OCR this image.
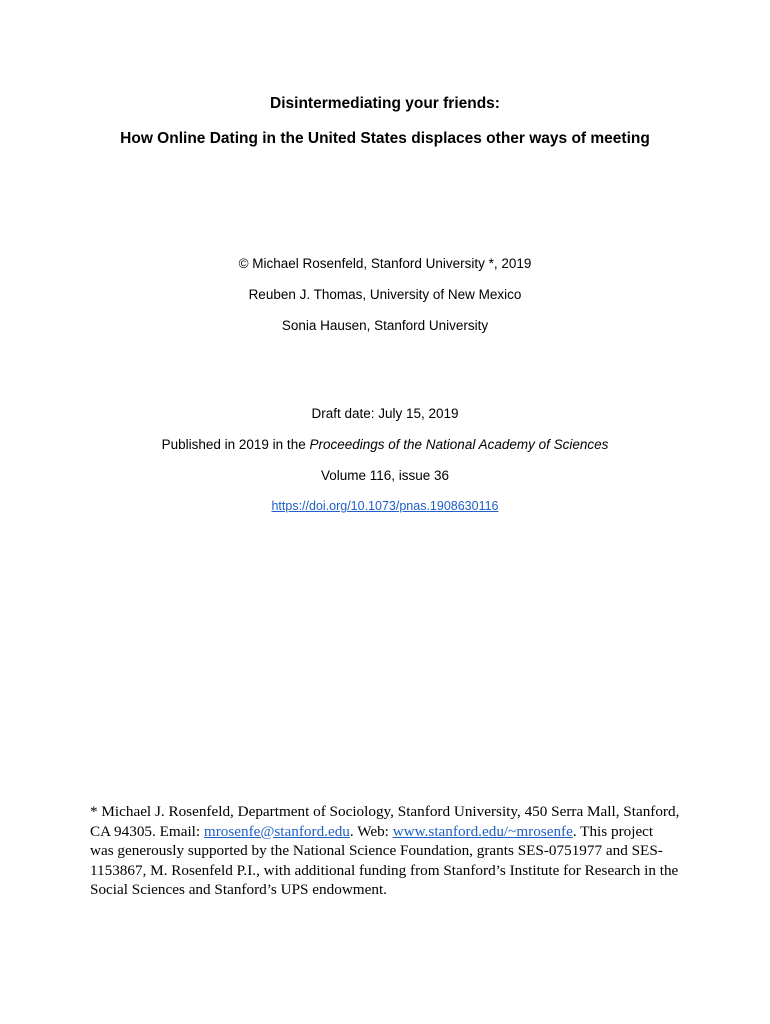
Disintermediating your friends:
How Online Dating in the United States displaces other ways of meeting
© Michael Rosenfeld, Stanford University *, 2019
Reuben J. Thomas, University of New Mexico
Sonia Hausen, Stanford University
Draft date: July 15, 2019
Published in 2019 in the Proceedings of the National Academy of Sciences
Volume 116, issue 36
https://doi.org/10.1073/pnas.1908630116
* Michael J. Rosenfeld, Department of Sociology, Stanford University, 450 Serra Mall, Stanford,
CA 94305. Email: mrosenfe@stanford.edu. Web: www.stanford.edu/~mrosenfe. This project
was generously supported by the National Science Foundation, grants SES-0751977 and SES-
1153867, M. Rosenfeld P.I., with additional funding from Stanford’s Institute for Research in the
Social Sciences and Stanford’s UPS endowment.
